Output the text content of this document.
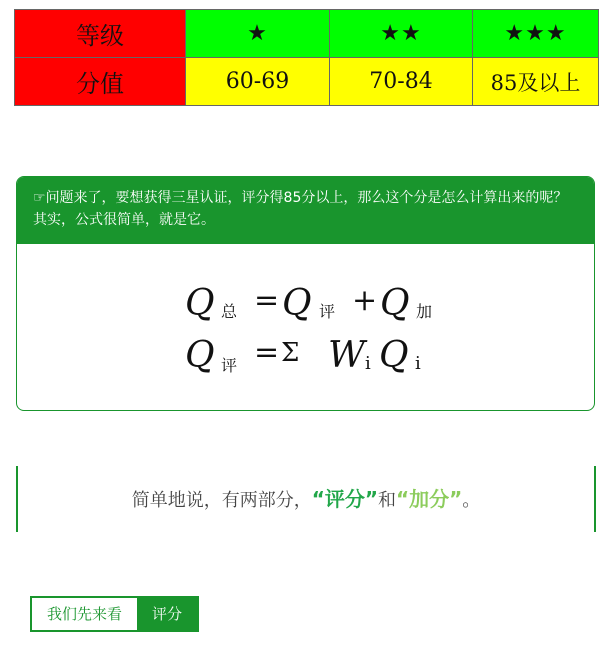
等级	★	★★	★★★
分值	60-69	70-84	85及以上
☞问题来了，要想获得三星认证，评分得85分以上，那么这个分是怎么计算出来的呢？其实，公式很简单，就是它。
Q 总 = Q 评 + Q 加
Q 评 = Σ W i Q i
简单地说，有两部分，“评分”和“加分”。
我们先来看	评分
